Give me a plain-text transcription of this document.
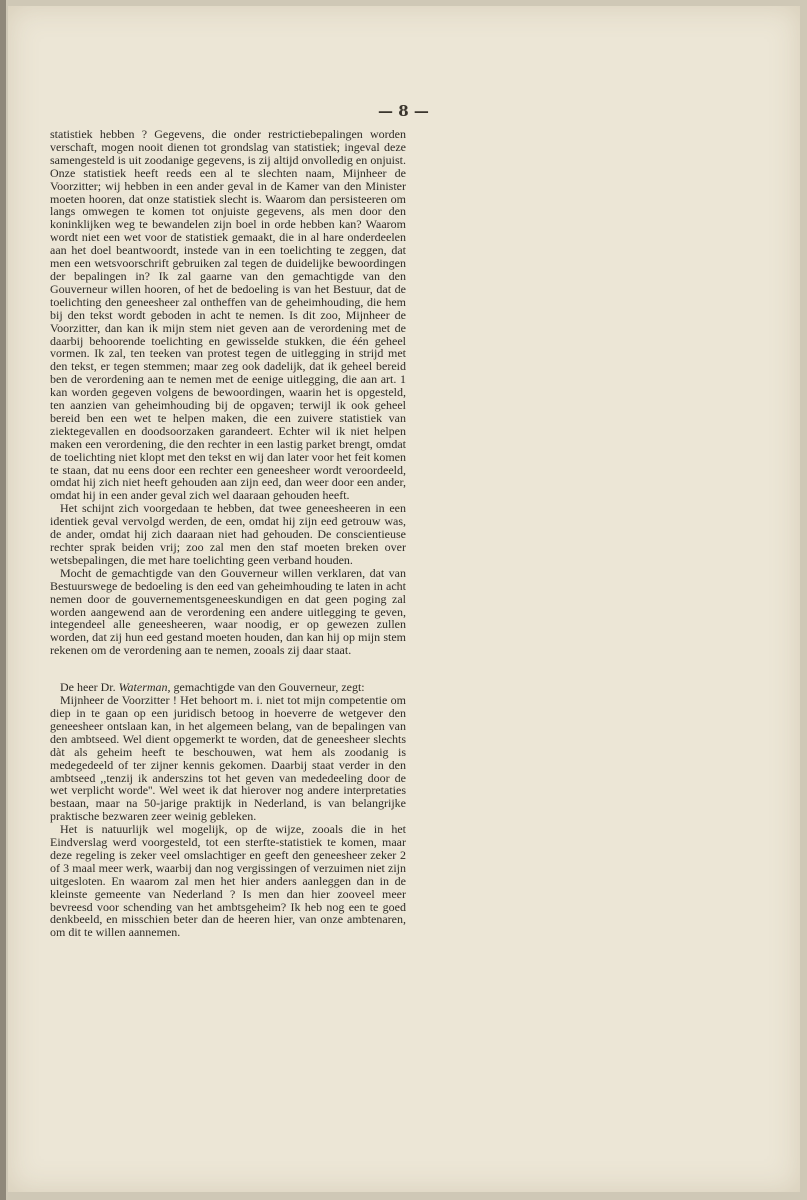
— 8 —

statistiek hebben ? Gegevens, die onder restrictiebepalingen worden verschaft, mogen nooit dienen tot grondslag van statistiek; ingeval deze samengesteld is uit zoodanige gegevens, is zij altijd onvolledig en onjuist. Onze statistiek heeft reeds een al te slechten naam, Mijnheer de Voorzitter; wij hebben in een ander geval in de Kamer van den Minister moeten hooren, dat onze statistiek slecht is. Waarom dan persisteeren om langs omwegen te komen tot onjuiste gegevens, als men door den koninklijken weg te bewandelen zijn boel in orde hebben kan? Waarom wordt niet een wet voor de statistiek gemaakt, die in al hare onderdeelen aan het doel beantwoordt, instede van in een toelichting te zeggen, dat men een wetsvoorschrift gebruiken zal tegen de duidelijke bewoordingen der bepalingen in? Ik zal gaarne van den gemachtigde van den Gouverneur willen hooren, of het de bedoeling is van het Bestuur, dat de toelichting den geneesheer zal ontheffen van de geheimhouding, die hem bij den tekst wordt geboden in acht te nemen. Is dit zoo, Mijnheer de Voorzitter, dan kan ik mijn stem niet geven aan de verordening met de daarbij behoorende toelichting en gewisselde stukken, die één geheel vormen. Ik zal, ten teeken van protest tegen de uitlegging in strijd met den tekst, er tegen stemmen; maar zeg ook dadelijk, dat ik geheel bereid ben de verordening aan te nemen met de eenige uitlegging, die aan art. 1 kan worden gegeven volgens de bewoordingen, waarin het is opgesteld, ten aanzien van geheimhouding bij de opgaven; terwijl ik ook geheel bereid ben een wet te helpen maken, die een zuivere statistiek van ziektegevallen en doodsoorzaken garandeert. Echter wil ik niet helpen maken een verordening, die den rechter in een lastig parket brengt, omdat de toelichting niet klopt met den tekst en wij dan later voor het feit komen te staan, dat nu eens door een rechter een geneesheer wordt veroordeeld, omdat hij zich niet heeft gehouden aan zijn eed, dan weer door een ander, omdat hij in een ander geval zich wel daaraan gehouden heeft.

Het schijnt zich voorgedaan te hebben, dat twee geneesheeren in een identiek geval vervolgd werden, de een, omdat hij zijn eed getrouw was, de ander, omdat hij zich daaraan niet had gehouden. De conscientieuse rechter sprak beiden vrij; zoo zal men den staf moeten breken over wetsbepalingen, die met hare toelichting geen verband houden.

Mocht de gemachtigde van den Gouverneur willen verklaren, dat van Bestuurswege de bedoeling is den eed van geheimhouding te laten in acht nemen door de gouvernementsgeneeskundigen en dat geen poging zal worden aangewend aan de verordening een andere uitlegging te geven, integendeel alle geneesheeren, waar noodig, er op gewezen zullen worden, dat zij hun eed gestand moeten houden, dan kan hij op mijn stem rekenen om de verordening aan te nemen, zooals zij daar staat.

De heer Dr. Waterman, gemachtigde van den Gouverneur, zegt:

Mijnheer de Voorzitter ! Het behoort m. i. niet tot mijn competentie om diep in te gaan op een juridisch betoog in hoeverre de wetgever den geneesheer ontslaan kan, in het algemeen belang, van de bepalingen van den ambtseed. Wel dient opgemerkt te worden, dat de geneesheer slechts dàt als geheim heeft te beschouwen, wat hem als zoodanig is medegedeeld of ter zijner kennis gekomen. Daarbij staat verder in den ambtseed ,,tenzij ik anderszins tot het geven van mededeeling door de wet verplicht worde''. Wel weet ik dat hierover nog andere interpretaties bestaan, maar na 50-jarige praktijk in Nederland, is van belangrijke praktische bezwaren zeer weinig gebleken.

Het is natuurlijk wel mogelijk, op de wijze, zooals die in het Eindverslag werd voorgesteld, tot een sterfte-statistiek te komen, maar deze regeling is zeker veel omslachtiger en geeft den geneesheer zeker 2 of 3 maal meer werk, waarbij dan nog vergissingen of verzuimen niet zijn uitgesloten. En waarom zal men het hier anders aanleggen dan in de kleinste gemeente van Nederland ? Is men dan hier zooveel meer bevreesd voor schending van het ambtsgeheim? Ik heb nog een te goed denkbeeld, en misschien beter dan de heeren hier, van onze ambtenaren, om dit te willen aannemen.
